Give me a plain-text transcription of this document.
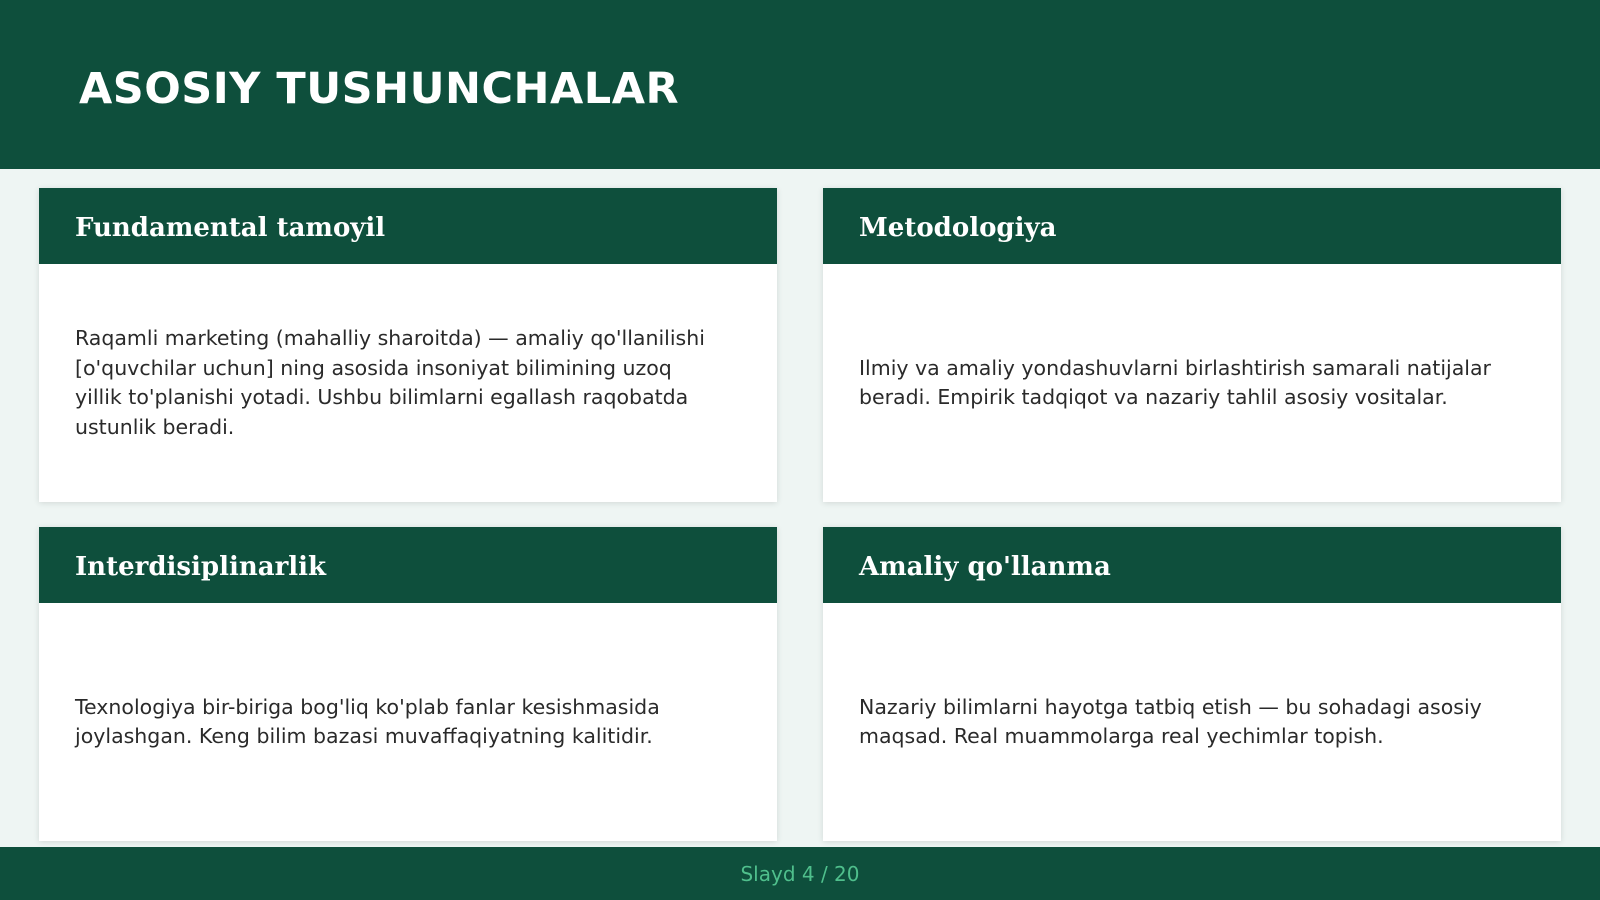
ASOSIY TUSHUNCHALAR
Fundamental tamoyil

Raqamli marketing (mahalliy sharoitda) — amaliy qo'llanilishi [o'quvchilar uchun] ning asosida insoniyat bilimining uzoq yillik to'planishi yotadi. Ushbu bilimlarni egallash raqobatda ustunlik beradi.

Metodologiya

Ilmiy va amaliy yondashuvlarni birlashtirish samarali natijalar beradi. Empirik tadqiqot va nazariy tahlil asosiy vositalar.

Interdisiplinarlik

Texnologiya bir-biriga bog'liq ko'plab fanlar kesishmasida joylashgan. Keng bilim bazasi muvaffaqiyatning kalitidir.

Amaliy qo'llanma

Nazariy bilimlarni hayotga tatbiq etish — bu sohadagi asosiy maqsad. Real muammolarga real yechimlar topish.

Slayd 4 / 20
